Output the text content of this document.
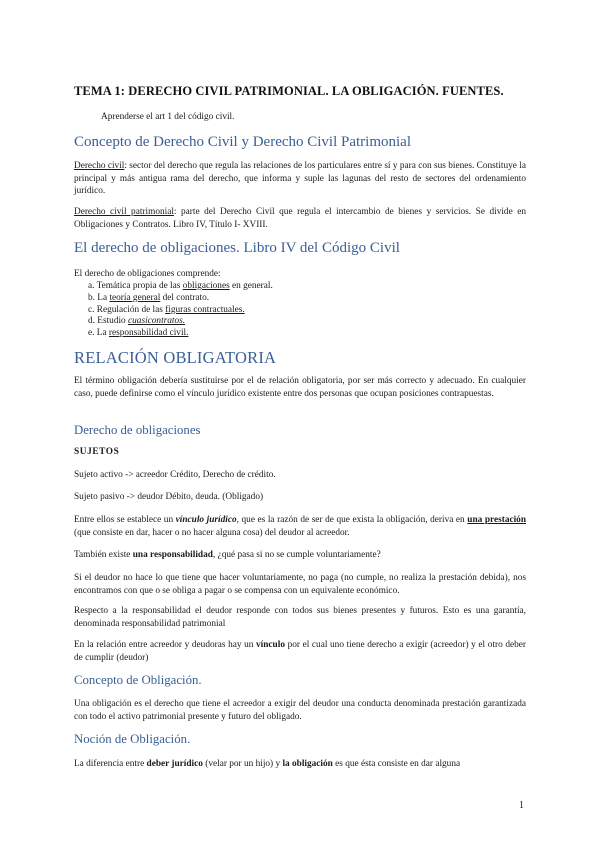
TEMA 1: DERECHO CIVIL PATRIMONIAL. LA OBLIGACIÓN. FUENTES.
Aprenderse el art 1 del código civil.
Concepto de Derecho Civil y Derecho Civil Patrimonial
Derecho civil: sector del derecho que regula las relaciones de los particulares entre sí y para con sus bienes. Constituye la principal y más antigua rama del derecho, que informa y suple las lagunas del resto de sectores del ordenamiento jurídico.
Derecho civil patrimonial: parte del Derecho Civil que regula el intercambio de bienes y servicios. Se divide en Obligaciones y Contratos. Libro IV, Título I- XVIII.
El derecho de obligaciones. Libro IV del Código Civil
El derecho de obligaciones comprende:
a. Temática propia de las obligaciones en general.
b. La teoría general del contrato.
c. Regulación de las figuras contractuales.
d. Estudio cuasicontratos.
e. La responsabilidad civil.
RELACIÓN OBLIGATORIA
El término obligación debería sustituirse por el de relación obligatoria, por ser más correcto y adecuado. En cualquier caso, puede definirse como el vínculo jurídico existente entre dos personas que ocupan posiciones contrapuestas.
Derecho de obligaciones
SUJETOS
Sujeto activo -> acreedor Crédito, Derecho de crédito.
Sujeto pasivo -> deudor Débito, deuda. (Obligado)
Entre ellos se establece un vínculo jurídico, que es la razón de ser de que exista la obligación, deriva en una prestación (que consiste en dar, hacer o no hacer alguna cosa) del deudor al acreedor.
También existe una responsabilidad, ¿qué pasa si no se cumple voluntariamente?
Si el deudor no hace lo que tiene que hacer voluntariamente, no paga (no cumple, no realiza la prestación debida), nos encontramos con que o se obliga a pagar o se compensa con un equivalente económico.
Respecto a la responsabilidad el deudor responde con todos sus bienes presentes y futuros. Esto es una garantía, denominada responsabilidad patrimonial
En la relación entre acreedor y deudoras hay un vínculo por el cual uno tiene derecho a exigir (acreedor) y el otro deber de cumplir (deudor)
Concepto de Obligación.
Una obligación es el derecho que tiene el acreedor a exigir del deudor una conducta denominada prestación garantizada con todo el activo patrimonial presente y futuro del obligado.
Noción de Obligación.
La diferencia entre deber jurídico (velar por un hijo) y la obligación es que ésta consiste en dar alguna
1
